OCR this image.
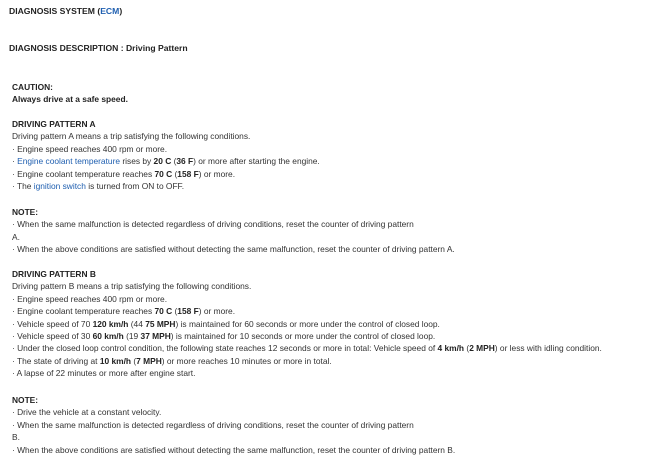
DIAGNOSIS SYSTEM (ECM)
DIAGNOSIS DESCRIPTION : Driving Pattern
CAUTION:
Always drive at a safe speed.
DRIVING PATTERN A
Driving pattern A means a trip satisfying the following conditions.
· Engine speed reaches 400 rpm or more.
· Engine coolant temperature rises by 20 C (36 F) or more after starting the engine.
· Engine coolant temperature reaches 70 C (158 F) or more.
· The ignition switch is turned from ON to OFF.
NOTE:
· When the same malfunction is detected regardless of driving conditions, reset the counter of driving pattern
A.
· When the above conditions are satisfied without detecting the same malfunction, reset the counter of driving pattern A.
DRIVING PATTERN B
Driving pattern B means a trip satisfying the following conditions.
· Engine speed reaches 400 rpm or more.
· Engine coolant temperature reaches 70 C (158 F) or more.
· Vehicle speed of 70 120 km/h (44 75 MPH) is maintained for 60 seconds or more under the control of closed loop.
· Vehicle speed of 30 60 km/h (19 37 MPH) is maintained for 10 seconds or more under the control of closed loop.
· Under the closed loop control condition, the following state reaches 12 seconds or more in total: Vehicle speed of 4 km/h (2 MPH) or less with idling condition.
· The state of driving at 10 km/h (7 MPH) or more reaches 10 minutes or more in total.
· A lapse of 22 minutes or more after engine start.
NOTE:
· Drive the vehicle at a constant velocity.
· When the same malfunction is detected regardless of driving conditions, reset the counter of driving pattern
B.
· When the above conditions are satisfied without detecting the same malfunction, reset the counter of driving pattern B.
